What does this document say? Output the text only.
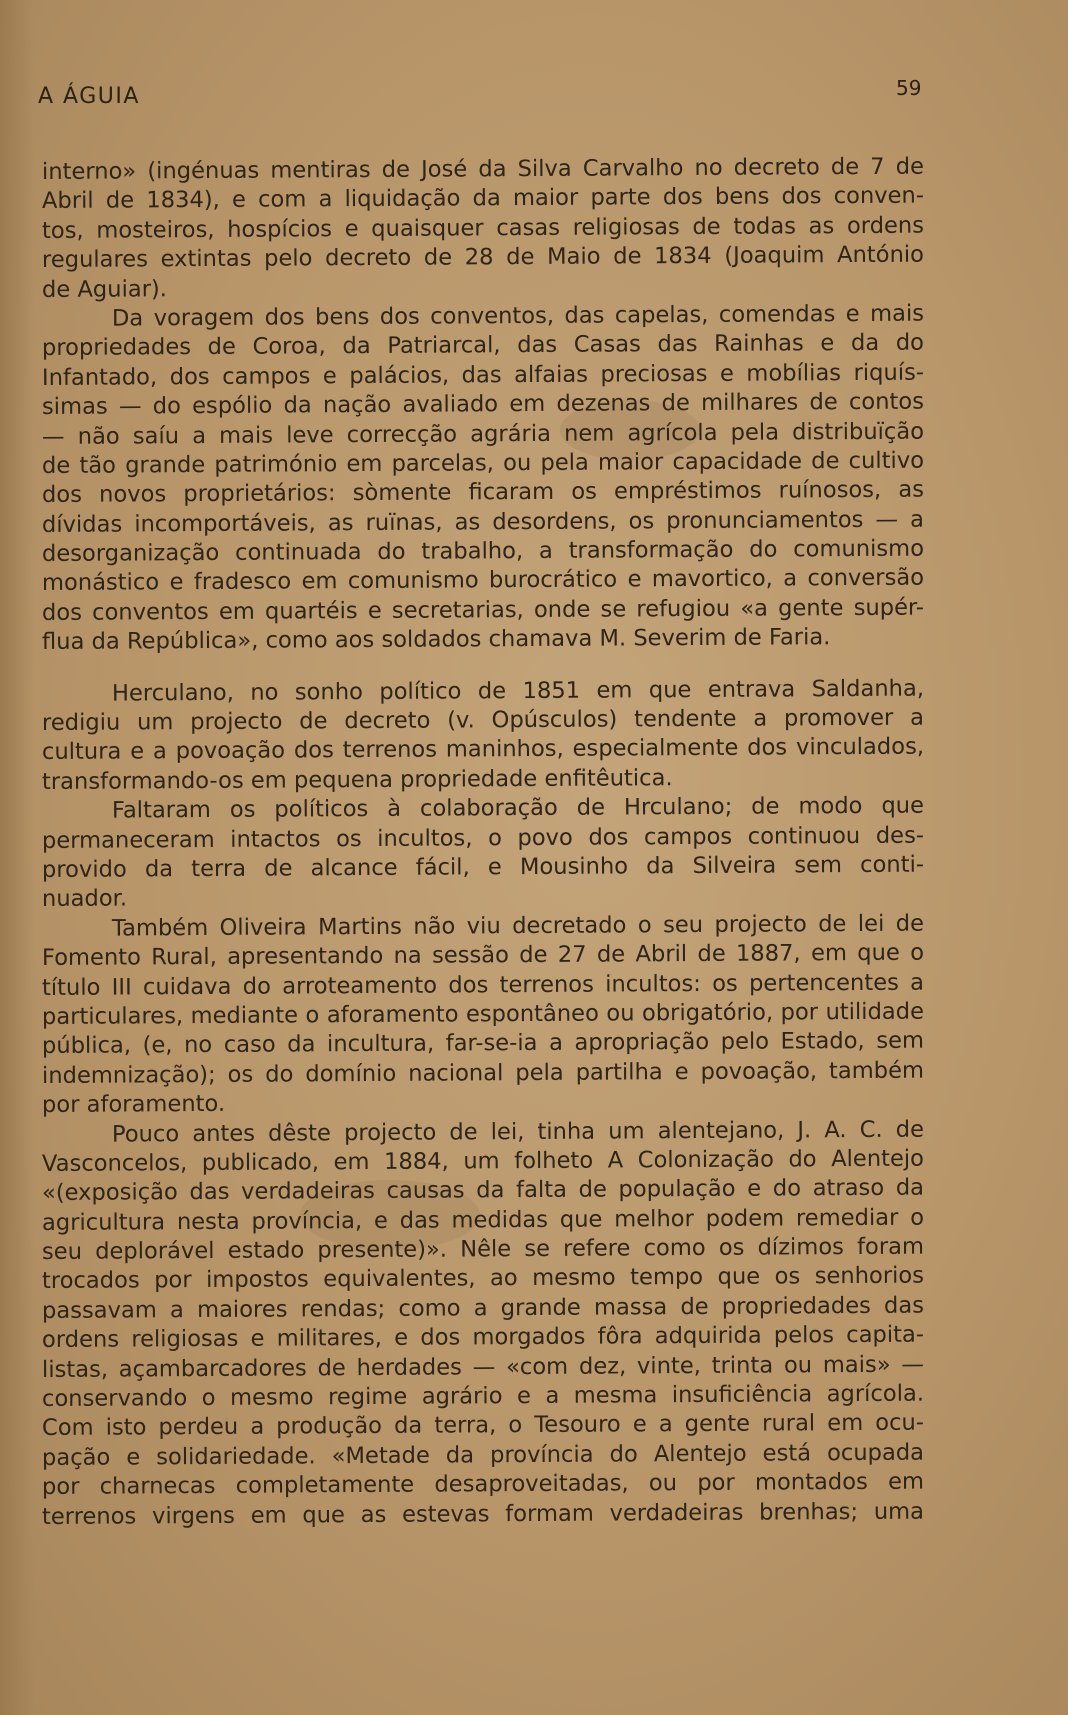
A ÁGUIA	59
interno» (ingénuas mentiras de José da Silva Carvalho no decreto de 7 de
Abril de 1834), e com a liquidação da maior parte dos bens dos conven-
tos, mosteiros, hospícios e quaisquer casas religiosas de todas as ordens
regulares extintas pelo decreto de 28 de Maio de 1834 (Joaquim António
de Aguiar).
Da voragem dos bens dos conventos, das capelas, comendas e mais
propriedades de Coroa, da Patriarcal, das Casas das Rainhas e da do
Infantado, dos campos e palácios, das alfaias preciosas e mobílias riquís-
simas — do espólio da nação avaliado em dezenas de milhares de contos
— não saíu a mais leve correcção agrária nem agrícola pela distribuïção
de tão grande património em parcelas, ou pela maior capacidade de cultivo
dos novos proprietários: sòmente ficaram os empréstimos ruínosos, as
dívidas incomportáveis, as ruïnas, as desordens, os pronunciamentos — a
desorganização continuada do trabalho, a transformação do comunismo
monástico e fradesco em comunismo burocrático e mavortico, a conversão
dos conventos em quartéis e secretarias, onde se refugiou «a gente supér-
flua da República», como aos soldados chamava M. Severim de Faria.
Herculano, no sonho político de 1851 em que entrava Saldanha,
redigiu um projecto de decreto (v. Opúsculos) tendente a promover a
cultura e a povoação dos terrenos maninhos, especialmente dos vinculados,
transformando-os em pequena propriedade enfitêutica.
Faltaram os políticos à colaboração de Hrculano; de modo que
permaneceram intactos os incultos, o povo dos campos continuou des-
provido da terra de alcance fácil, e Mousinho da Silveira sem conti-
nuador.
Também Oliveira Martins não viu decretado o seu projecto de lei de
Fomento Rural, apresentando na sessão de 27 de Abril de 1887, em que o
título III cuidava do arroteamento dos terrenos incultos: os pertencentes a
particulares, mediante o aforamento espontâneo ou obrigatório, por utilidade
pública, (e, no caso da incultura, far-se-ia a apropriação pelo Estado, sem
indemnização); os do domínio nacional pela partilha e povoação, também
por aforamento.
Pouco antes dêste projecto de lei, tinha um alentejano, J. A. C. de
Vasconcelos, publicado, em 1884, um folheto A Colonização do Alentejo
«(exposição das verdadeiras causas da falta de população e do atraso da
agricultura nesta província, e das medidas que melhor podem remediar o
seu deplorável estado presente)». Nêle se refere como os dízimos foram
trocados por impostos equivalentes, ao mesmo tempo que os senhorios
passavam a maiores rendas; como a grande massa de propriedades das
ordens religiosas e militares, e dos morgados fôra adquirida pelos capita-
listas, açambarcadores de herdades — «com dez, vinte, trinta ou mais» —
conservando o mesmo regime agrário e a mesma insuficiência agrícola.
Com isto perdeu a produção da terra, o Tesouro e a gente rural em ocu-
pação e solidariedade. «Metade da província do Alentejo está ocupada
por charnecas completamente desaproveitadas, ou por montados em
terrenos virgens em que as estevas formam verdadeiras brenhas; uma
